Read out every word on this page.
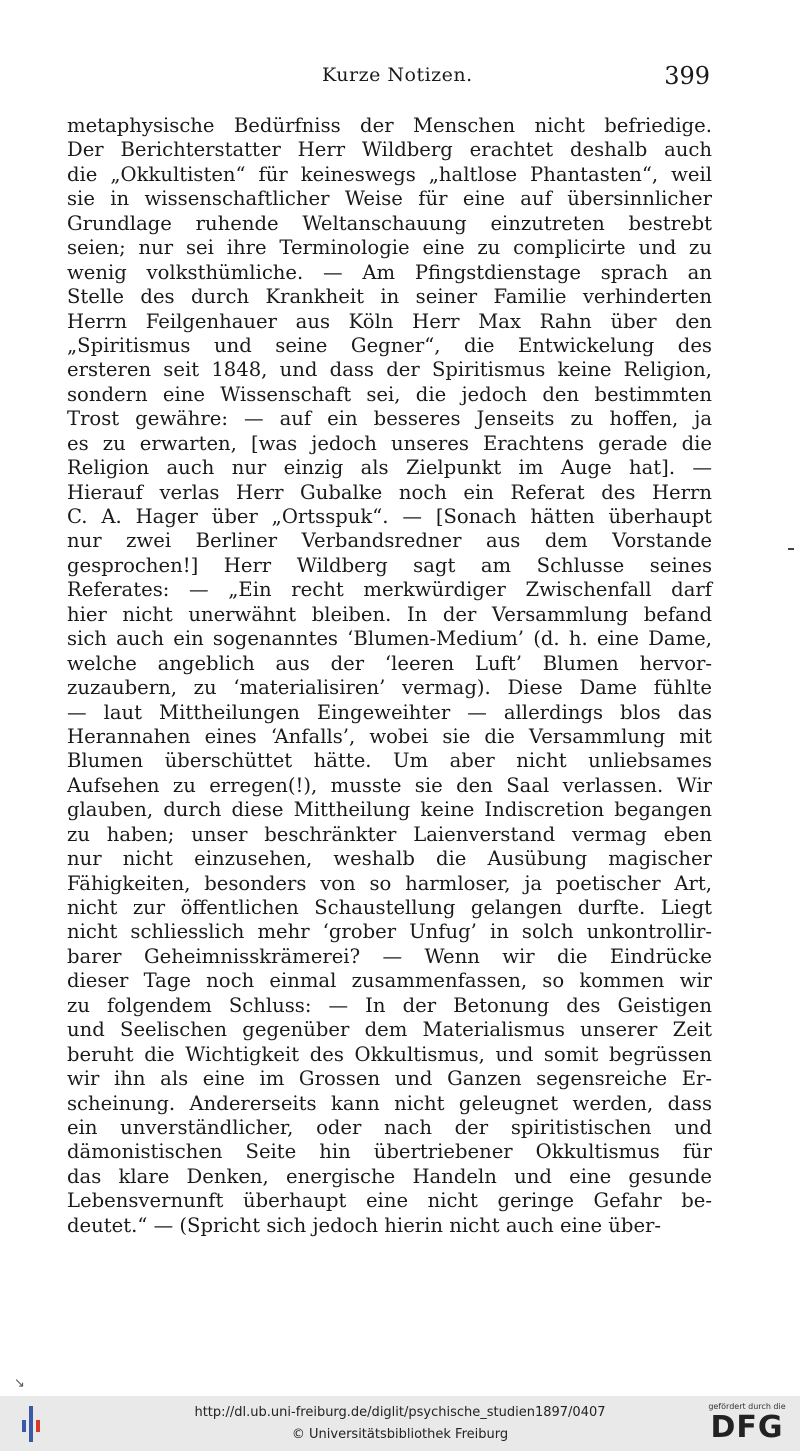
Kurze Notizen.	399
metaphysische Bedürfniss der Menschen nicht befriedige.
Der Berichterstatter Herr Wildberg erachtet deshalb auch
die „Okkultisten“ für keineswegs „haltlose Phantasten“, weil
sie in wissenschaftlicher Weise für eine auf übersinnlicher
Grundlage ruhende Weltanschauung einzutreten bestrebt
seien; nur sei ihre Terminologie eine zu complicirte und zu
wenig volksthümliche. — Am Pfingstdienstage sprach an
Stelle des durch Krankheit in seiner Familie verhinderten
Herrn Feilgenhauer aus Köln Herr Max Rahn über den
„Spiritismus und seine Gegner“, die Entwickelung des
ersteren seit 1848, und dass der Spiritismus keine Religion,
sondern eine Wissenschaft sei, die jedoch den bestimmten
Trost gewähre: — auf ein besseres Jenseits zu hoffen, ja
es zu erwarten, [was jedoch unseres Erachtens gerade die
Religion auch nur einzig als Zielpunkt im Auge hat]. —
Hierauf verlas Herr Gubalke noch ein Referat des Herrn
C. A. Hager über „Ortsspuk“. — [Sonach hätten überhaupt
nur zwei Berliner Verbandsredner aus dem Vorstande
gesprochen!] Herr Wildberg sagt am Schlusse seines
Referates: — „Ein recht merkwürdiger Zwischenfall darf
hier nicht unerwähnt bleiben. In der Versammlung befand
sich auch ein sogenanntes ‘Blumen-Medium’ (d. h. eine Dame,
welche angeblich aus der ‘leeren Luft’ Blumen hervor-
zuzaubern, zu ‘materialisiren’ vermag). Diese Dame fühlte
— laut Mittheilungen Eingeweihter — allerdings blos das
Herannahen eines ‘Anfalls’, wobei sie die Versammlung mit
Blumen überschüttet hätte. Um aber nicht unliebsames
Aufsehen zu erregen(!), musste sie den Saal verlassen. Wir
glauben, durch diese Mittheilung keine Indiscretion begangen
zu haben; unser beschränkter Laienverstand vermag eben
nur nicht einzusehen, weshalb die Ausübung magischer
Fähigkeiten, besonders von so harmloser, ja poetischer Art,
nicht zur öffentlichen Schaustellung gelangen durfte. Liegt
nicht schliesslich mehr ‘grober Unfug’ in solch unkontrollir-
barer Geheimnisskrämerei? — Wenn wir die Eindrücke
dieser Tage noch einmal zusammenfassen, so kommen wir
zu folgendem Schluss: — In der Betonung des Geistigen
und Seelischen gegenüber dem Materialismus unserer Zeit
beruht die Wichtigkeit des Okkultismus, und somit begrüssen
wir ihn als eine im Grossen und Ganzen segensreiche Er-
scheinung. Andererseits kann nicht geleugnet werden, dass
ein unverständlicher, oder nach der spiritistischen und
dämonistischen Seite hin übertriebener Okkultismus für
das klare Denken, energische Handeln und eine gesunde
Lebensvernunft überhaupt eine nicht geringe Gefahr be-
deutet.“ — (Spricht sich jedoch hierin nicht auch eine über-
↘
http://dl.ub.uni-freiburg.de/diglit/psychische_studien1897/0407
© Universitätsbibliothek Freiburg
gefördert durch die
DFG
